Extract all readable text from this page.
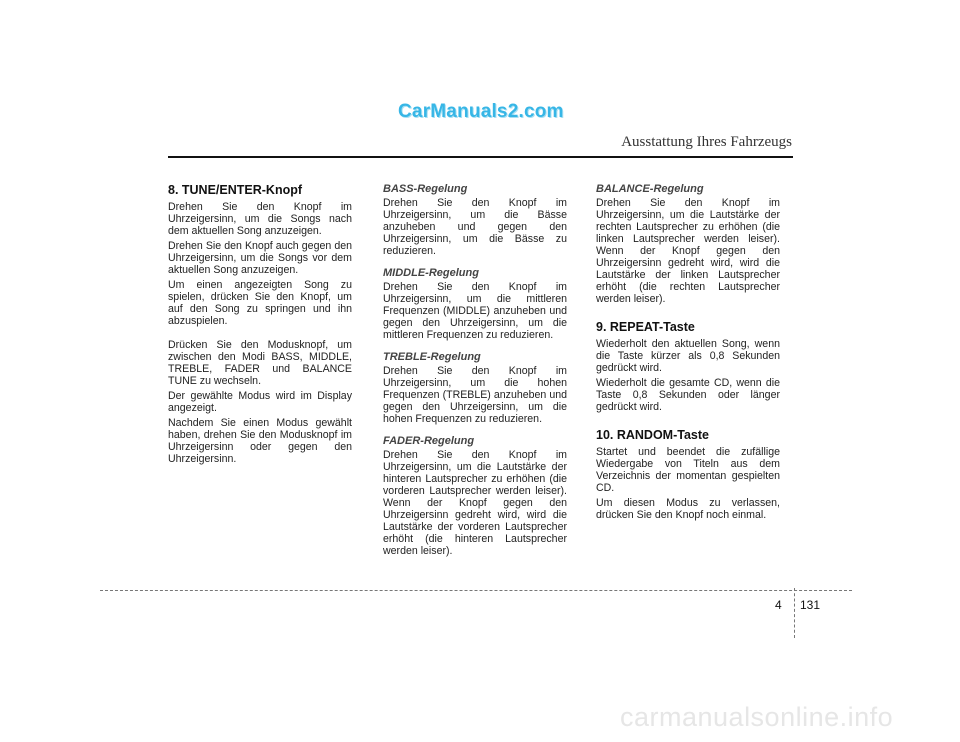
CarManuals2.com
Ausstattung Ihres Fahrzeugs
8. TUNE/ENTER-Knopf

Drehen Sie den Knopf im Uhrzeigersinn, um die Songs nach dem aktuellen Song anzuzeigen.

Drehen Sie den Knopf auch gegen den Uhrzeigersinn, um die Songs vor dem aktuellen Song anzuzeigen.

Um einen angezeigten Song zu spielen, drücken Sie den Knopf, um auf den Song zu springen und ihn abzuspielen.

Drücken Sie den Modusknopf, um zwischen den Modi BASS, MIDDLE, TREBLE, FADER und BALANCE TUNE zu wechseln.

Der gewählte Modus wird im Display angezeigt.

Nachdem Sie einen Modus gewählt haben, drehen Sie den Modusknopf im Uhrzeigersinn oder gegen den Uhrzeigersinn.

BASS-Regelung

Drehen Sie den Knopf im Uhrzeigersinn, um die Bässe anzuheben und gegen den Uhrzeigersinn, um die Bässe zu reduzieren.

MIDDLE-Regelung

Drehen Sie den Knopf im Uhrzeigersinn, um die mittleren Frequenzen (MIDDLE) anzuheben und gegen den Uhrzeigersinn, um die mittleren Frequenzen zu reduzieren.

TREBLE-Regelung

Drehen Sie den Knopf im Uhrzeigersinn, um die hohen Frequenzen (TREBLE) anzuheben und gegen den Uhrzeigersinn, um die hohen Frequenzen zu reduzieren.

FADER-Regelung

Drehen Sie den Knopf im Uhrzeigersinn, um die Lautstärke der hinteren Lautsprecher zu erhöhen (die vorderen Lautsprecher werden leiser). Wenn der Knopf gegen den Uhrzeigersinn gedreht wird, wird die Lautstärke der vorderen Lautsprecher erhöht (die hinteren Lautsprecher werden leiser).

BALANCE-Regelung

Drehen Sie den Knopf im Uhrzeigersinn, um die Lautstärke der rechten Lautsprecher zu erhöhen (die linken Lautsprecher werden leiser). Wenn der Knopf gegen den Uhrzeigersinn gedreht wird, wird die Lautstärke der linken Lautsprecher erhöht (die rechten Lautsprecher werden leiser).

9. REPEAT-Taste

Wiederholt den aktuellen Song, wenn die Taste kürzer als 0,8 Sekunden gedrückt wird.

Wiederholt die gesamte CD, wenn die Taste 0,8 Sekunden oder länger gedrückt wird.

10. RANDOM-Taste

Startet und beendet die zufällige Wiedergabe von Titeln aus dem Verzeichnis der momentan gespielten CD.

Um diesen Modus zu verlassen, drücken Sie den Knopf noch einmal.

4 131
carmanualsonline.info
